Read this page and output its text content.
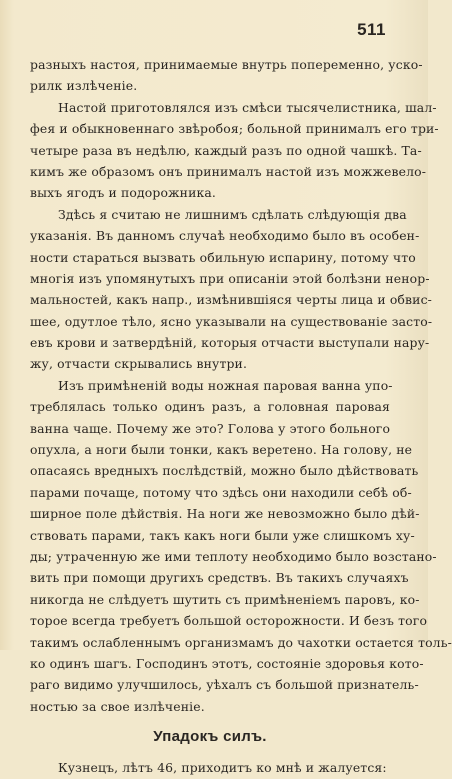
511
разныхъ настоя, принимаемые внутрь попеременно, уско-
рилк излѣченіе.
Настой приготовлялся изъ смѣси тысячелистника, шал-
фея и обыкновеннаго звѣробоя; больной принималъ его три-
четыре раза въ недѣлю, каждый разъ по одной чашкѣ. Та-
кимъ же образомъ онъ принималъ настой изъ можжевело-
выхъ ягодъ и подорожника.
Здѣсь я считаю не лишнимъ сдѣлать слѣдующія два
указанія. Въ данномъ случаѣ необходимо было въ особен-
ности стараться вызвать обильную испарину, потому что
многія изъ упомянутыхъ при описаніи этой болѣзни ненор-
мальностей, какъ напр., измѣнившіяся черты лица и обвис-
шее, одутлое тѣло, ясно указывали на существованіе засто-
евъ крови и затвердѣній, которыя отчасти выступали нару-
жу, отчасти скрывались внутри.
Изъ примѣненій воды ножная паровая ванна упо-
треблялась только одинъ разъ, а головная паровая
ванна чаще. Почему же это? Голова у этого больного
опухла, а ноги были тонки, какъ веретено. На голову, не
опасаясь вредныхъ послѣдствій, можно было дѣйствовать
парами почаще, потому что здѣсь они находили себѣ об-
ширное поле дѣйствія. На ноги же невозможно было дѣй-
ствовать парами, такъ какъ ноги были уже слишкомъ ху-
ды; утраченную же ими теплоту необходимо было возстано-
вить при помощи другихъ средствъ. Въ такихъ случаяхъ
никогда не слѣдуетъ шутить съ примѣненіемъ паровъ, ко-
торое всегда требуетъ большой осторожности. И безъ того
такимъ ослабленнымъ организмамъ до чахотки остается толь-
ко одинъ шагъ. Господинъ этотъ, состояніе здоровья кото-
раго видимо улучшилось, уѣхалъ съ большой признатель-
ностью за свое излѣченіе.
Упадокъ силъ.
Кузнецъ, лѣтъ 46, приходитъ ко мнѣ и жалуется:
